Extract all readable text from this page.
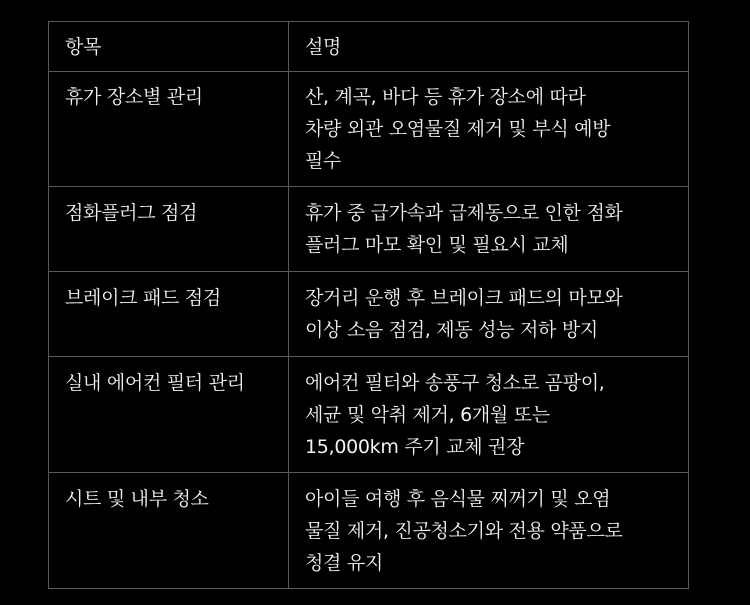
항목	설명
휴가 장소별 관리	산, 계곡, 바다 등 휴가 장소에 따라
차량 외관 오염물질 제거 및 부식 예방
필수
점화플러그 점검	휴가 중 급가속과 급제동으로 인한 점화
플러그 마모 확인 및 필요시 교체
브레이크 패드 점검	장거리 운행 후 브레이크 패드의 마모와
이상 소음 점검, 제동 성능 저하 방지
실내 에어컨 필터 관리	에어컨 필터와 송풍구 청소로 곰팡이,
세균 및 악취 제거, 6개월 또는
15,000km 주기 교체 권장
시트 및 내부 청소	아이들 여행 후 음식물 찌꺼기 및 오염
물질 제거, 진공청소기와 전용 약품으로
청결 유지
